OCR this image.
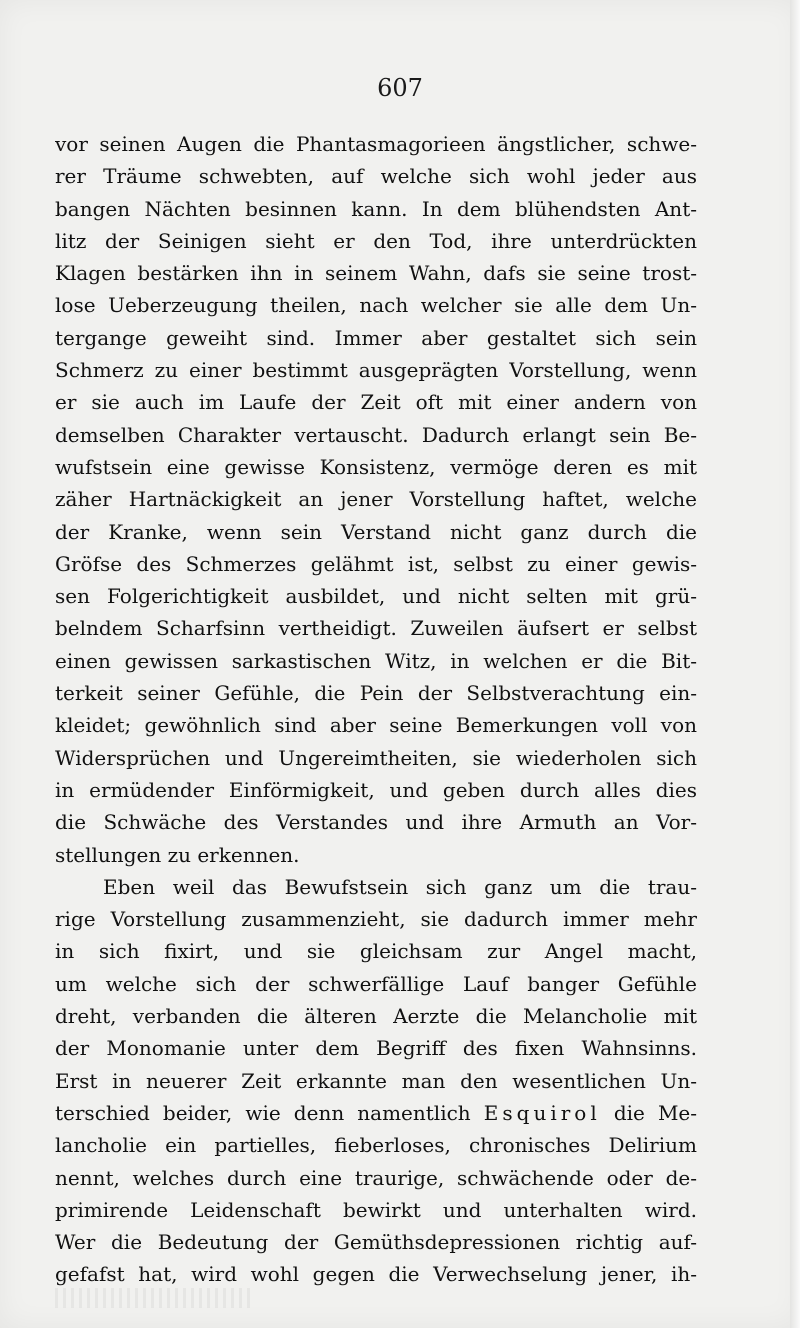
607

vor seinen Augen die Phantasmagorieen ängstlicher, schwe-
rer Träume schwebten, auf welche sich wohl jeder aus
bangen Nächten besinnen kann. In dem blühendsten Ant-
litz der Seinigen sieht er den Tod, ihre unterdrückten
Klagen bestärken ihn in seinem Wahn, dafs sie seine trost-
lose Ueberzeugung theilen, nach welcher sie alle dem Un-
tergange geweiht sind. Immer aber gestaltet sich sein
Schmerz zu einer bestimmt ausgeprägten Vorstellung, wenn
er sie auch im Laufe der Zeit oft mit einer andern von
demselben Charakter vertauscht. Dadurch erlangt sein Be-
wufstsein eine gewisse Konsistenz, vermöge deren es mit
zäher Hartnäckigkeit an jener Vorstellung haftet, welche
der Kranke, wenn sein Verstand nicht ganz durch die
Gröfse des Schmerzes gelähmt ist, selbst zu einer gewis-
sen Folgerichtigkeit ausbildet, und nicht selten mit grü-
belndem Scharfsinn vertheidigt. Zuweilen äufsert er selbst
einen gewissen sarkastischen Witz, in welchen er die Bit-
terkeit seiner Gefühle, die Pein der Selbstverachtung ein-
kleidet; gewöhnlich sind aber seine Bemerkungen voll von
Widersprüchen und Ungereimtheiten, sie wiederholen sich
in ermüdender Einförmigkeit, und geben durch alles dies
die Schwäche des Verstandes und ihre Armuth an Vor-
stellungen zu erkennen.
Eben weil das Bewufstsein sich ganz um die trau-
rige Vorstellung zusammenzieht, sie dadurch immer mehr
in sich fixirt, und sie gleichsam zur Angel macht,
um welche sich der schwerfällige Lauf banger Gefühle
dreht, verbanden die älteren Aerzte die Melancholie mit
der Monomanie unter dem Begriff des fixen Wahnsinns.
Erst in neuerer Zeit erkannte man den wesentlichen Un-
terschied beider, wie denn namentlich Esquirol die Me-
lancholie ein partielles, fieberloses, chronisches Delirium
nennt, welches durch eine traurige, schwächende oder de-
primirende Leidenschaft bewirkt und unterhalten wird.
Wer die Bedeutung der Gemüthsdepressionen richtig auf-
gefafst hat, wird wohl gegen die Verwechselung jener, ih-
